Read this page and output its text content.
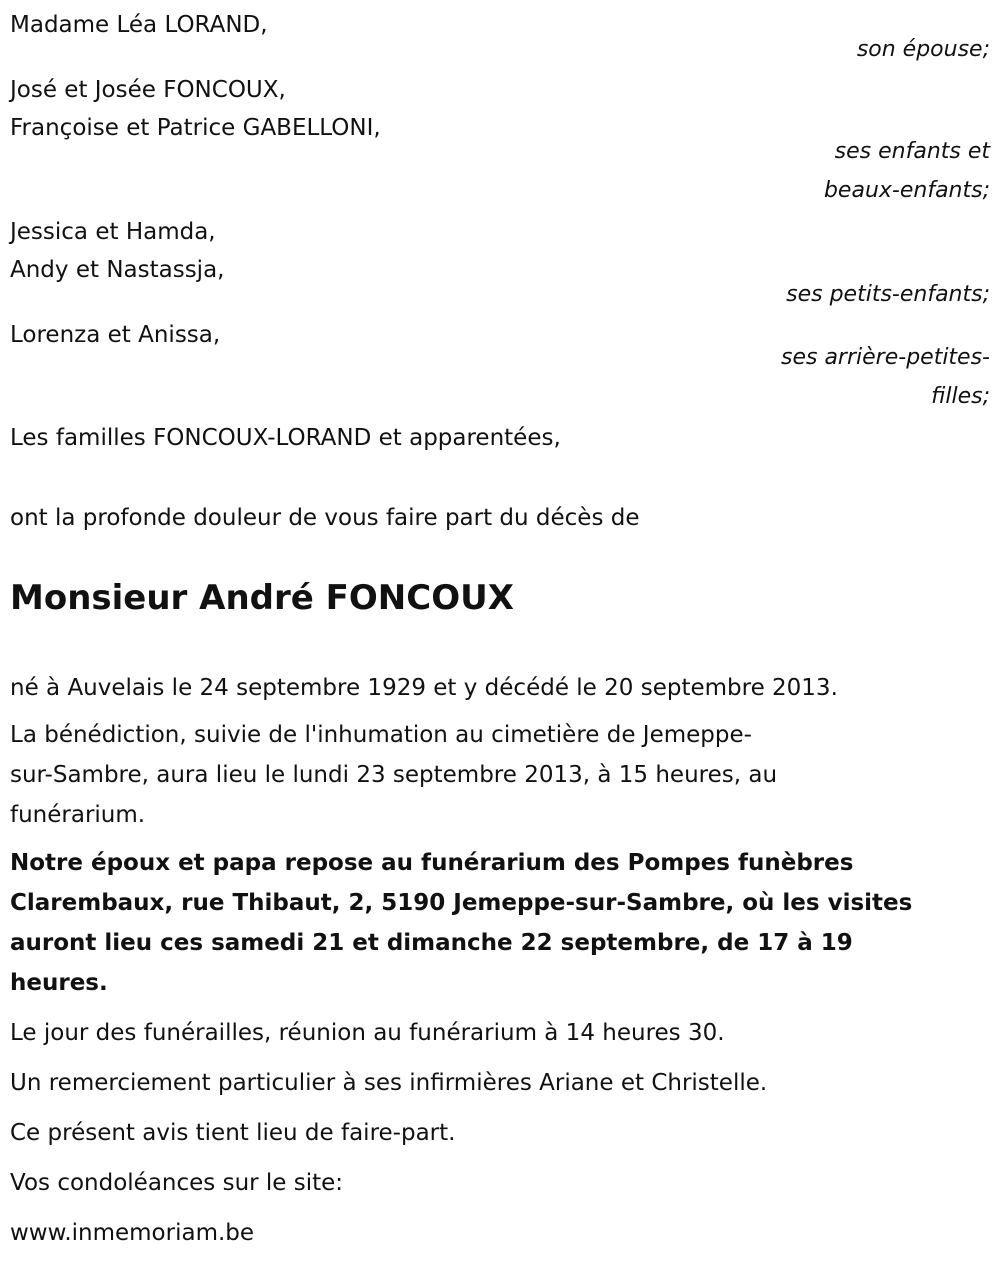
Madame Léa LORAND,
son épouse;
José et Josée FONCOUX,
Françoise et Patrice GABELLONI,
ses enfants et
beaux-enfants;
Jessica et Hamda,
Andy et Nastassja,
ses petits-enfants;
Lorenza et Anissa,
ses arrière-petites-
filles;
Les familles FONCOUX-LORAND et apparentées,
ont la profonde douleur de vous faire part du décès de
Monsieur André FONCOUX
né à Auvelais le 24 septembre 1929 et y décédé le 20 septembre 2013.
La bénédiction, suivie de l'inhumation au cimetière de Jemeppe-
sur-Sambre, aura lieu le lundi 23 septembre 2013, à 15 heures, au
funérarium.
Notre époux et papa repose au funérarium des Pompes funèbres
Clarembaux, rue Thibaut, 2, 5190 Jemeppe-sur-Sambre, où les visites
auront lieu ces samedi 21 et dimanche 22 septembre, de 17 à 19
heures.
Le jour des funérailles, réunion au funérarium à 14 heures 30.
Un remerciement particulier à ses infirmières Ariane et Christelle.
Ce présent avis tient lieu de faire-part.
Vos condoléances sur le site:
www.inmemoriam.be
